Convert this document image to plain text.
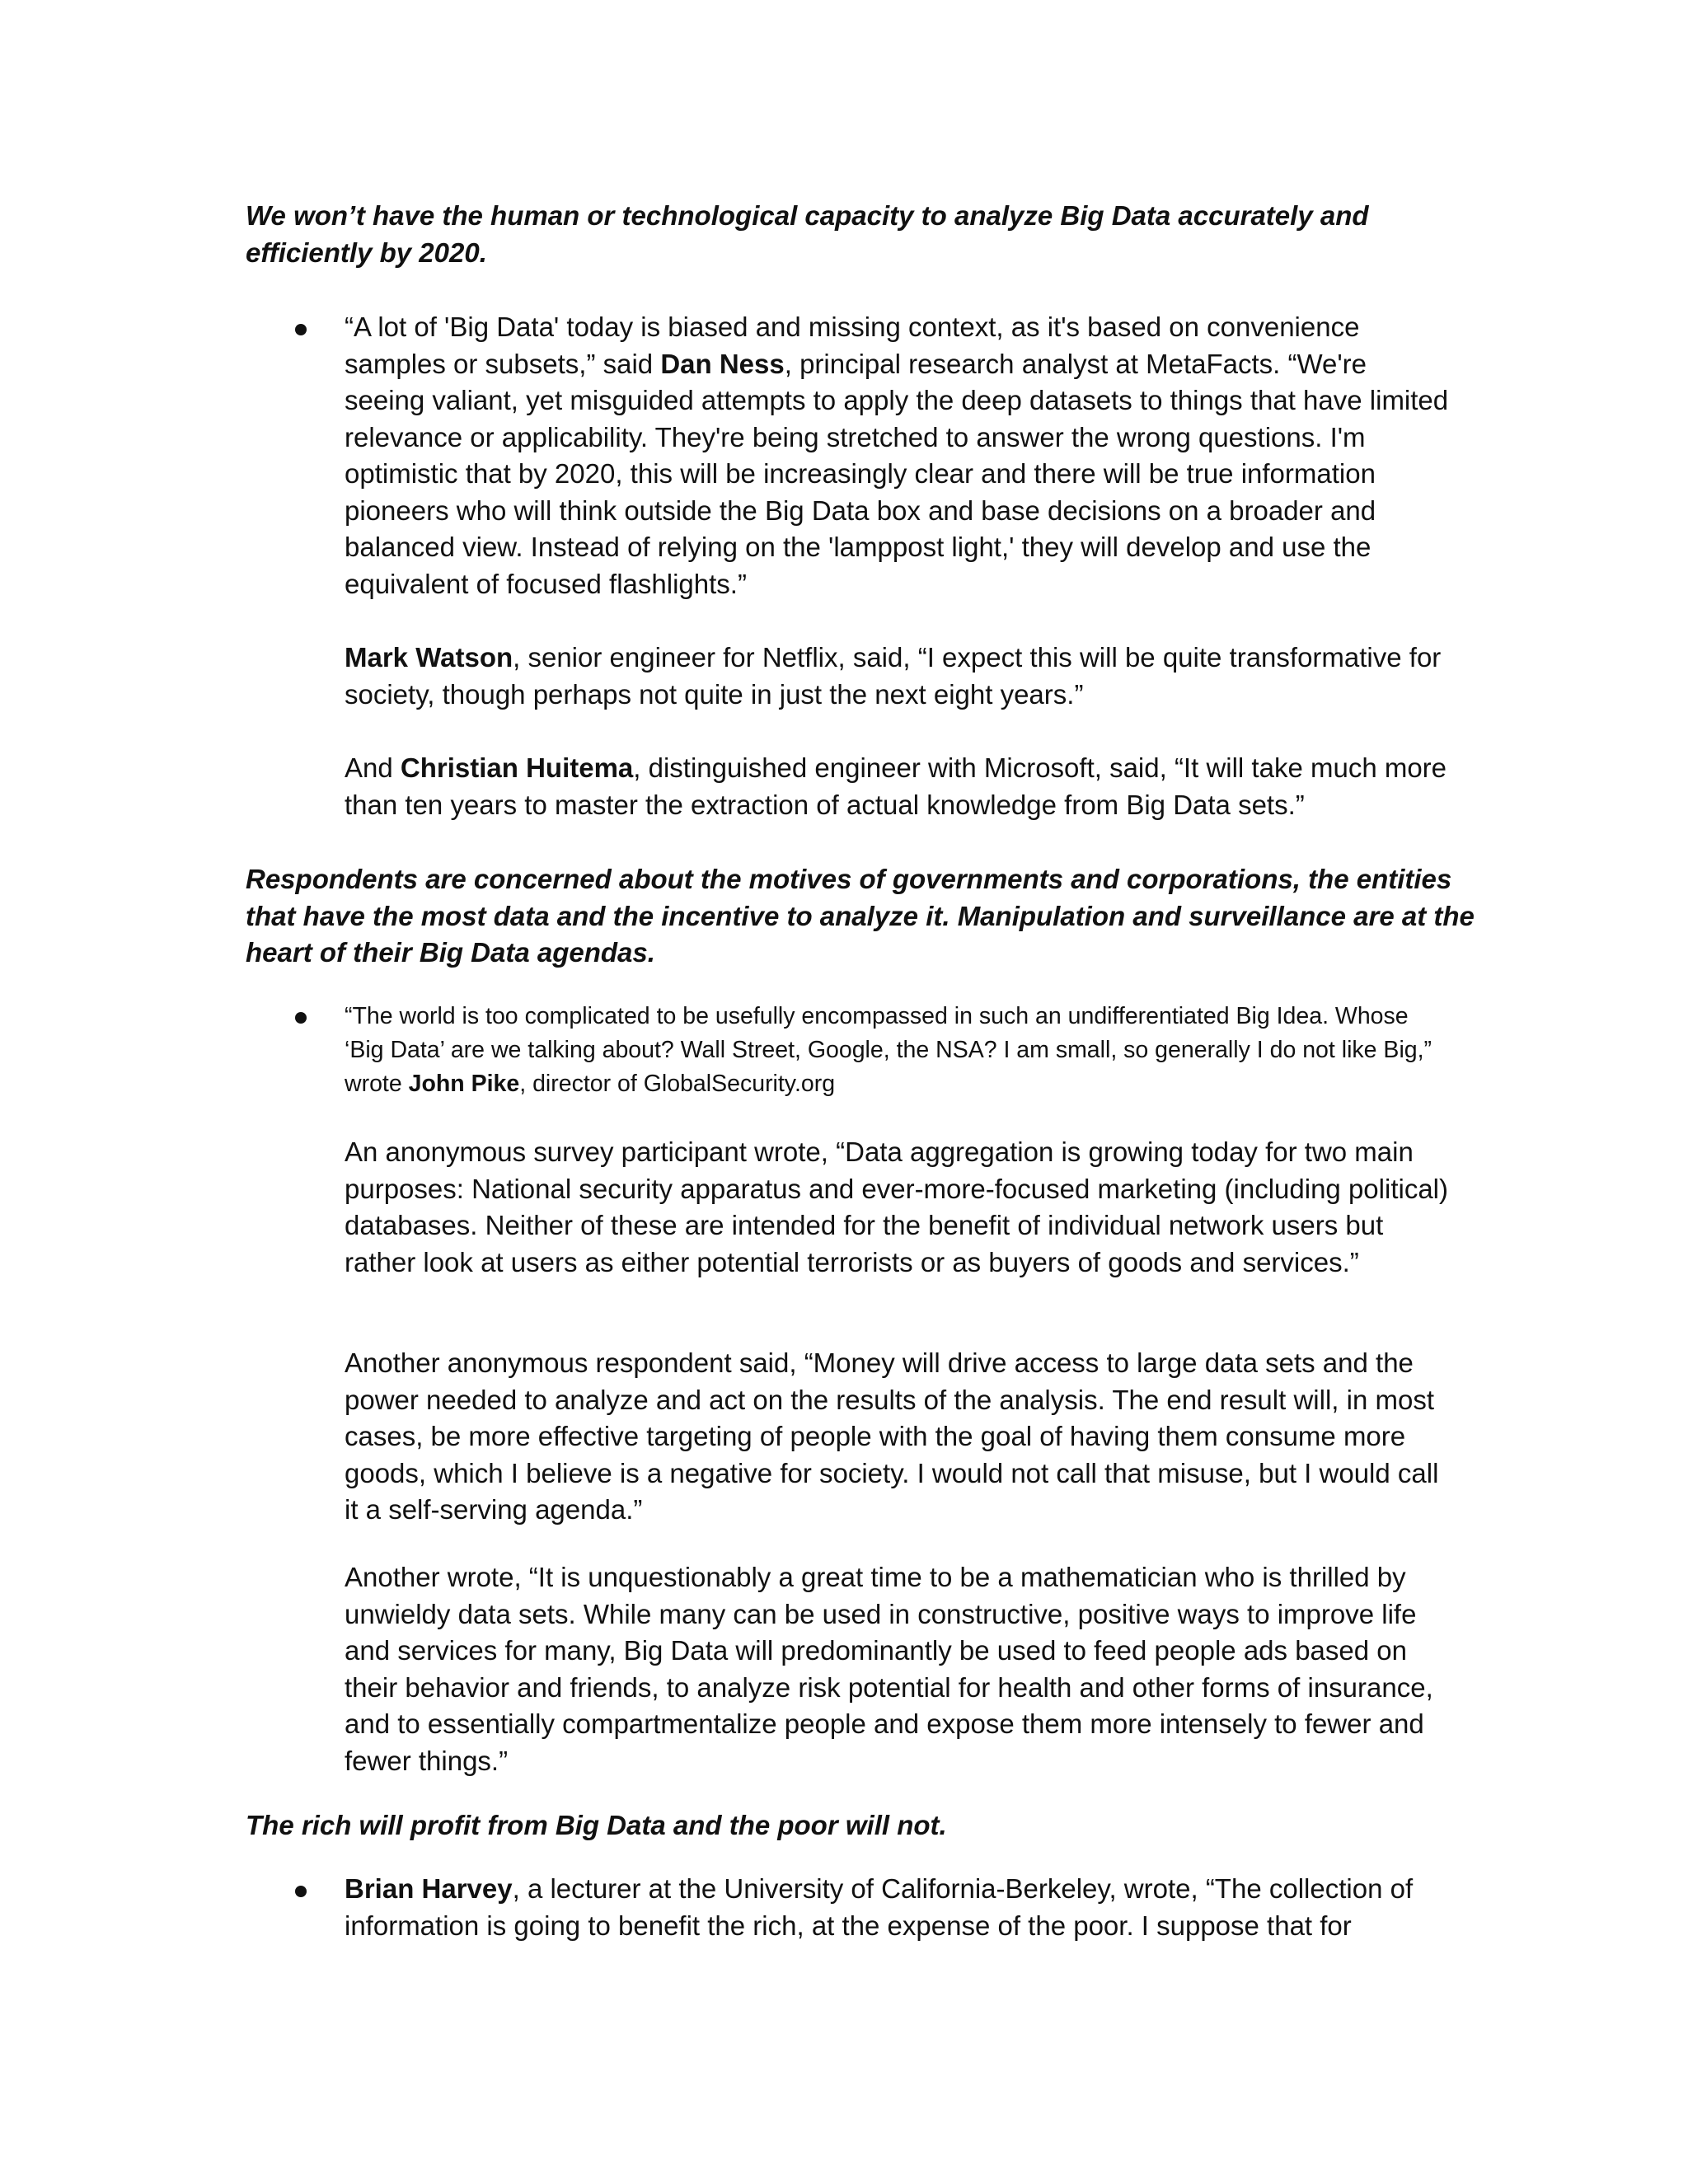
We won’t have the human or technological capacity to analyze Big Data accurately and efficiently by 2020.

“A lot of 'Big Data' today is biased and missing context, as it's based on convenience samples or subsets,” said Dan Ness, principal research analyst at MetaFacts. “We're seeing valiant, yet misguided attempts to apply the deep datasets to things that have limited relevance or applicability. They're being stretched to answer the wrong questions. I'm optimistic that by 2020, this will be increasingly clear and there will be true information pioneers who will think outside the Big Data box and base decisions on a broader and balanced view. Instead of relying on the 'lamppost light,' they will develop and use the equivalent of focused flashlights.”

Mark Watson, senior engineer for Netflix, said, “I expect this will be quite transformative for society, though perhaps not quite in just the next eight years.”

And Christian Huitema, distinguished engineer with Microsoft, said, “It will take much more than ten years to master the extraction of actual knowledge from Big Data sets.”

Respondents are concerned about the motives of governments and corporations, the entities that have the most data and the incentive to analyze it. Manipulation and surveillance are at the heart of their Big Data agendas.

“The world is too complicated to be usefully encompassed in such an undifferentiated Big Idea. Whose ‘Big Data’ are we talking about? Wall Street, Google, the NSA? I am small, so generally I do not like Big,” wrote John Pike, director of GlobalSecurity.org

An anonymous survey participant wrote, “Data aggregation is growing today for two main purposes: National security apparatus and ever-more-focused marketing (including political) databases. Neither of these are intended for the benefit of individual network users but rather look at users as either potential terrorists or as buyers of goods and services.”

Another anonymous respondent said, “Money will drive access to large data sets and the power needed to analyze and act on the results of the analysis. The end result will, in most cases, be more effective targeting of people with the goal of having them consume more goods, which I believe is a negative for society. I would not call that misuse, but I would call it a self-serving agenda.”

Another wrote, “It is unquestionably a great time to be a mathematician who is thrilled by unwieldy data sets. While many can be used in constructive, positive ways to improve life and services for many, Big Data will predominantly be used to feed people ads based on their behavior and friends, to analyze risk potential for health and other forms of insurance, and to essentially compartmentalize people and expose them more intensely to fewer and fewer things.”

The rich will profit from Big Data and the poor will not.

Brian Harvey, a lecturer at the University of California-Berkeley, wrote, “The collection of information is going to benefit the rich, at the expense of the poor. I suppose that for
